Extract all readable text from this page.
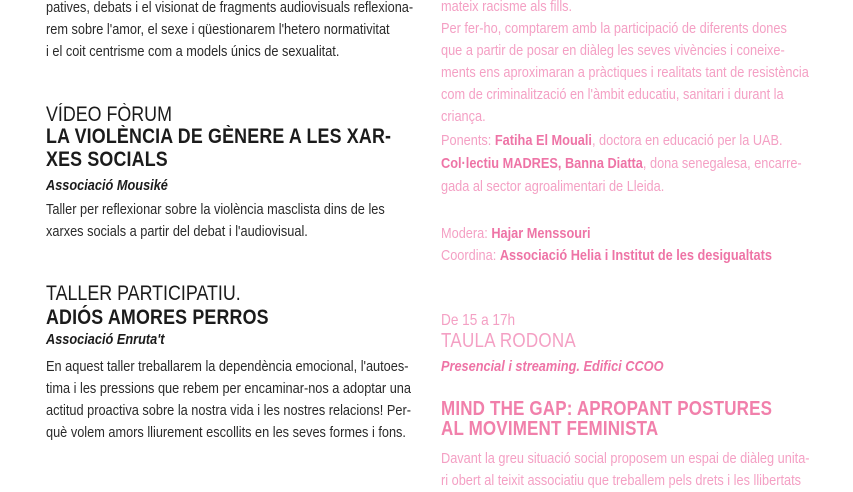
patives, debats i el visionat de fragments audiovisuals reflexiona-
rem sobre l'amor, el sexe i qüestionarem l'hetero normativitat
i el coit centrisme com a models únics de sexualitat.
VÍDEO FÒRUM
LA VIOLÈNCIA DE GÈNERE A LES XAR-
XES SOCIALS
Associació Mousiké
Taller per reflexionar sobre la violència masclista dins de les
xarxes socials a partir del debat i l'audiovisual.
TALLER PARTICIPATIU.
ADIÓS AMORES PERROS
Associació Enruta't
En aquest taller treballarem la dependència emocional, l'autoes-
tima i les pressions que rebem per encaminar-nos a adoptar una
actitud proactiva sobre la nostra vida i les nostres relacions! Per-
què volem amors lliurement escollits en les seves formes i fons.
mateix racisme als fills.
Per fer-ho, comptarem amb la participació de diferents dones
que a partir de posar en diàleg les seves vivències i coneixe-
ments ens aproximaran a pràctiques i realitats tant de resistència
com de criminalització en l'àmbit educatiu, sanitari i durant la
criança.
Ponents: Fatiha El Mouali, doctora en educació per la UAB.
Col·lectiu MADRES, Banna Diatta, dona senegalesa, encarre-
gada al sector agroalimentari de Lleida.
Modera: Hajar Menssouri
Coordina: Associació Helia i Institut de les desigualtats
De 15 a 17h
TAULA RODONA
Presencial i streaming. Edifici CCOO
MIND THE GAP: APROPANT POSTURES
AL MOVIMENT FEMINISTA
Davant la greu situació social proposem un espai de diàleg unita-
ri obert al teixit associatiu que treballem pels drets i les llibertats
